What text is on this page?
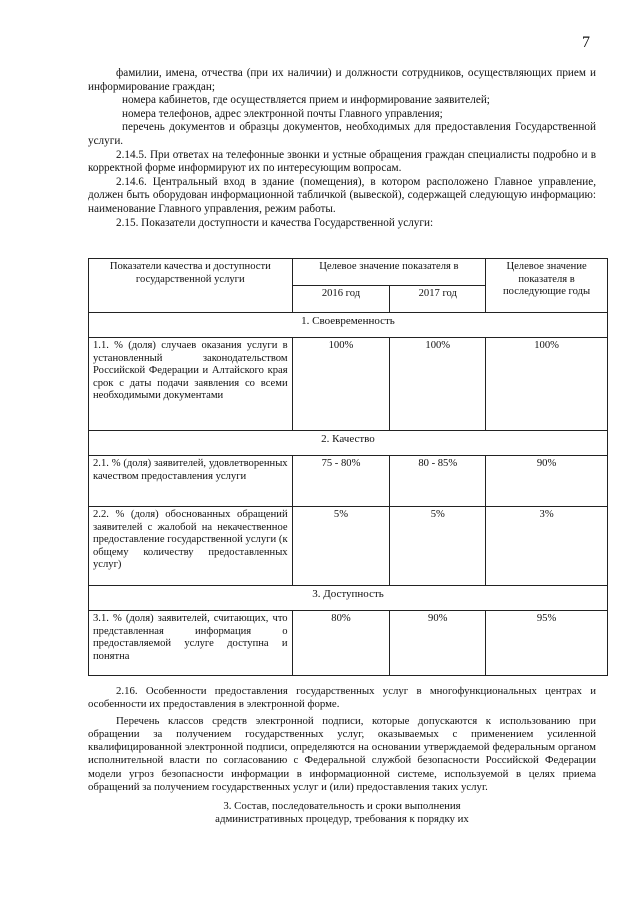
7

фамилии, имена, отчества (при их наличии) и должности сотрудников, осуществляющих прием и информирование граждан;

номера кабинетов, где осуществляется прием и информирование заявителей;

номера телефонов, адрес электронной почты Главного управления;

перечень документов и образцы документов, необходимых для предоставления Государственной услуги.

2.14.5. При ответах на телефонные звонки и устные обращения граждан специалисты подробно и в корректной форме информируют их по интересующим вопросам.

2.14.6. Центральный вход в здание (помещения), в котором расположено Главное управление, должен быть оборудован информационной табличкой (вывеской), содержащей следующую информацию: наименование Главного управления, режим работы.

2.15. Показатели доступности и качества Государственной услуги:

Показатели качества и доступности государственной услуги	Целевое значение показателя в		Целевое значение показателя в последующие годы
	2016 год	2017 год	
1. Своевременность			
1.1. % (доля) случаев оказания услуги в установленный законодательством Российской Федерации и Алтайского края срок с даты подачи заявления со всеми необходимыми документами	100%	100%	100%
2. Качество			
2.1. % (доля) заявителей, удовлетворенных качеством предоставления услуги	75 - 80%	80 - 85%	90%
2.2. % (доля) обоснованных обращений заявителей с жалобой на некачественное предоставление государственной услуги (к общему количеству предоставленных услуг)	5%	5%	3%
3. Доступность			
3.1. % (доля) заявителей, считающих, что представленная информация о предоставляемой услуге доступна и понятна	80%	90%	95%

2.16. Особенности предоставления государственных услуг в многофункциональных центрах и особенности их предоставления в электронной форме.

Перечень классов средств электронной подписи, которые допускаются к использованию при обращении за получением государственных услуг, оказываемых с применением усиленной квалифицированной электронной подписи, определяются на основании утверждаемой федеральным органом исполнительной власти по согласованию с Федеральной службой безопасности Российской Федерации модели угроз безопасности информации в информационной системе, используемой в целях приема обращений за получением государственных услуг и (или) предоставления таких услуг.

3. Состав, последовательность и сроки выполнения

административных процедур, требования к порядку их
